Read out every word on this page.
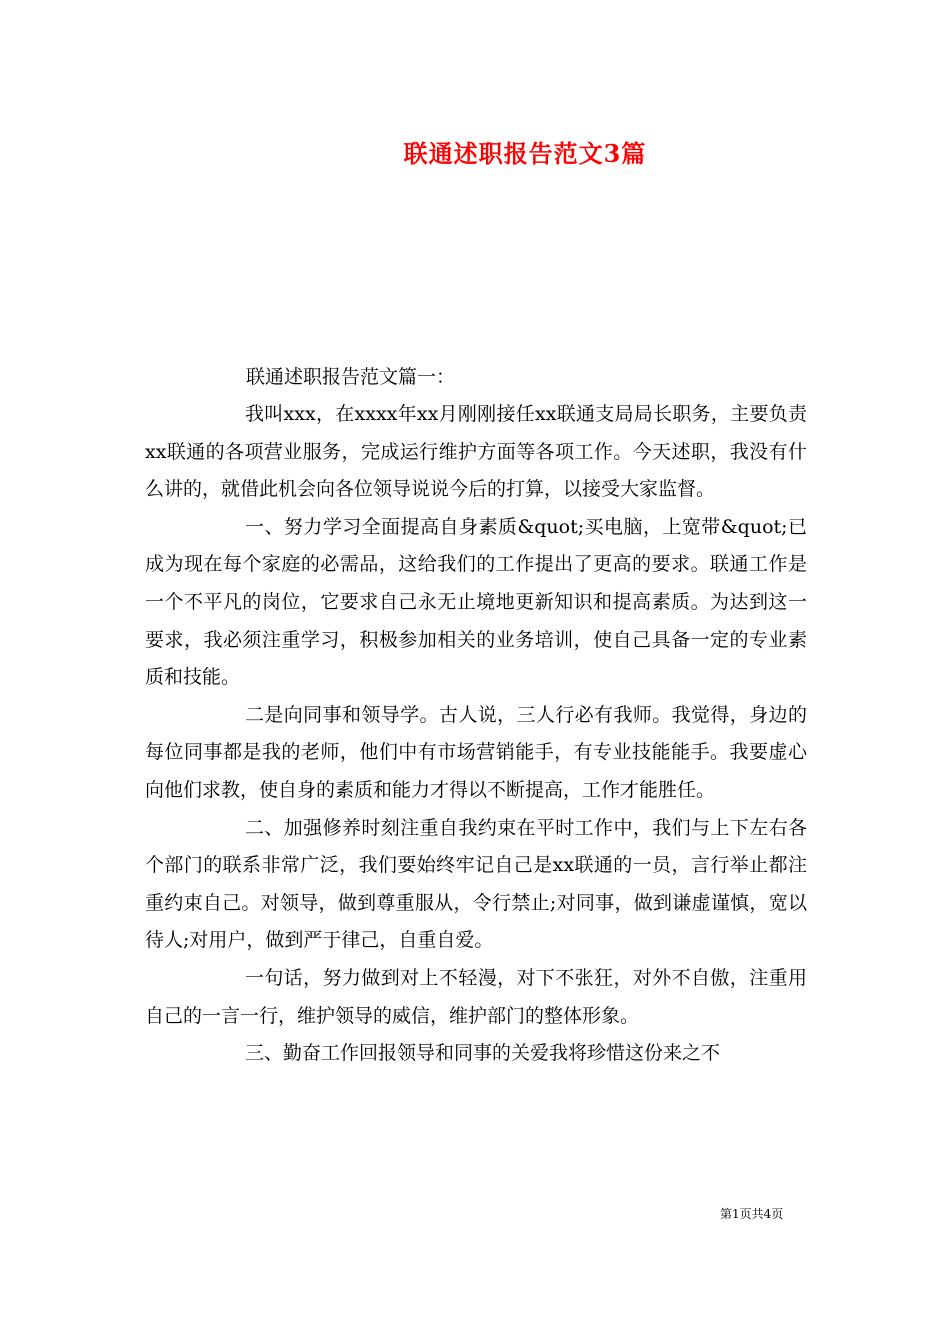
联通述职报告范文3篇
联通述职报告范文篇一：

我叫xxx，在xxxx年xx月刚刚接任xx联通支局局长职务，主要负责xx联通的各项营业服务，完成运行维护方面等各项工作。今天述职，我没有什么讲的，就借此机会向各位领导说说今后的打算，以接受大家监督。

一、努力学习全面提高自身素质&quot;买电脑，上宽带&quot;已成为现在每个家庭的必需品，这给我们的工作提出了更高的要求。联通工作是一个不平凡的岗位，它要求自己永无止境地更新知识和提高素质。为达到这一要求，我必须注重学习，积极参加相关的业务培训，使自己具备一定的专业素质和技能。

二是向同事和领导学。古人说，三人行必有我师。我觉得，身边的每位同事都是我的老师，他们中有市场营销能手，有专业技能能手。我要虚心向他们求教，使自身的素质和能力才得以不断提高，工作才能胜任。

二、加强修养时刻注重自我约束在平时工作中，我们与上下左右各个部门的联系非常广泛，我们要始终牢记自己是xx联通的一员，言行举止都注重约束自己。对领导，做到尊重服从，令行禁止;对同事，做到谦虚谨慎，宽以待人;对用户，做到严于律己，自重自爱。

一句话，努力做到对上不轻漫，对下不张狂，对外不自傲，注重用自己的一言一行，维护领导的威信，维护部门的整体形象。

三、勤奋工作回报领导和同事的关爱我将珍惜这份来之不

第1页共4页
